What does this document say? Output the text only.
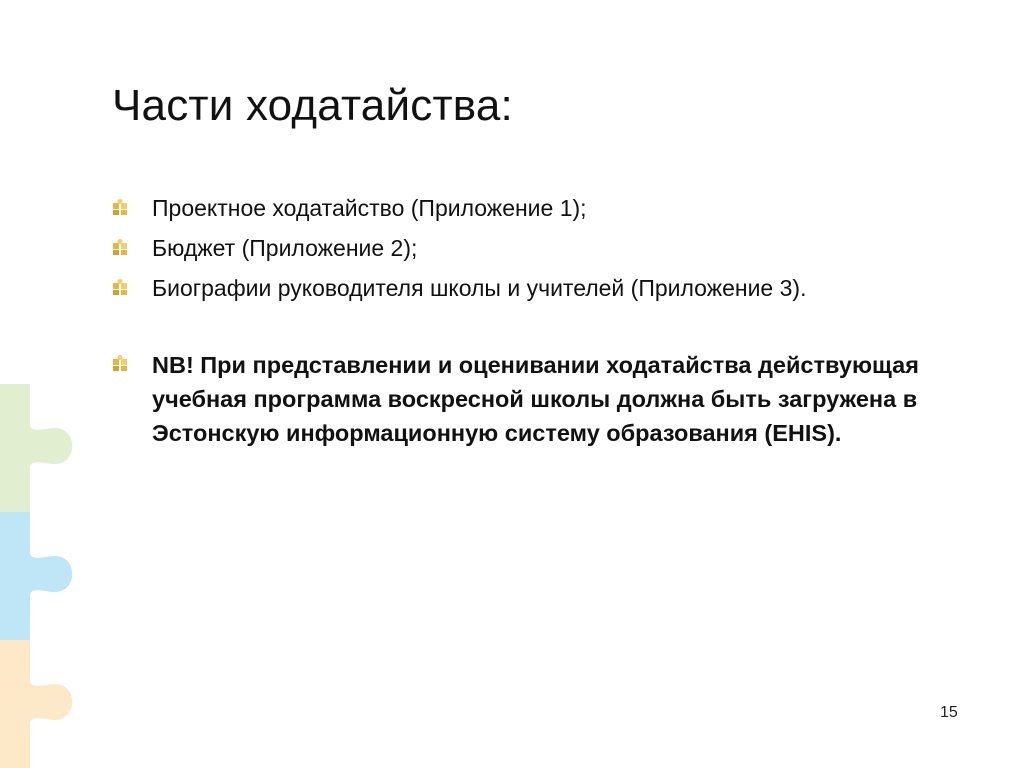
Части ходатайства:
Проектное ходатайство (Приложение 1);
Бюджет (Приложение 2);
Биографии руководителя школы и учителей (Приложение 3).
NB! При представлении и оценивании ходатайства действующая учебная программа воскресной школы должна быть загружена в Эстонскую информационную систему образования (EHIS).
15
